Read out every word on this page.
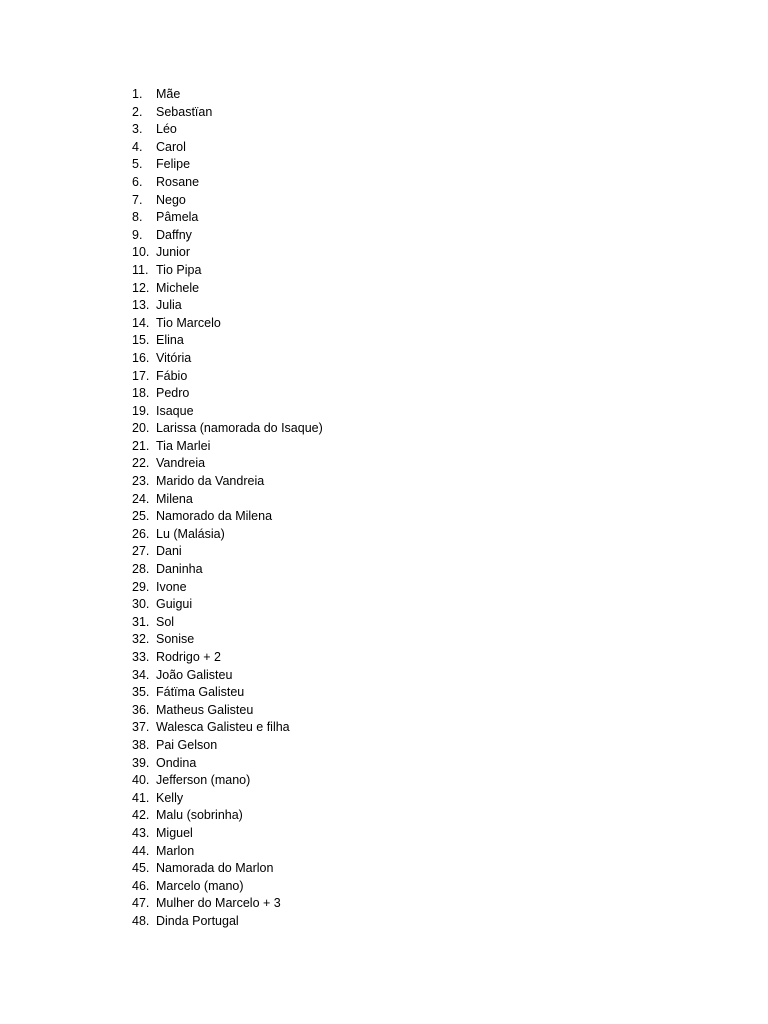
1.	Mãe
2.	Sebastïan
3.	Léo
4.	Carol
5.	Felipe
6.	Rosane
7.	Nego
8.	Pâmela
9.	Daffny
10. Junior
11. Tio Pipa
12. Michele
13. Julia
14. Tio Marcelo
15. Elina
16. Vitória
17. Fábio
18. Pedro
19. Isaque
20. Larissa (namorada do Isaque)
21. Tia Marlei
22. Vandreia
23. Marido da Vandreia
24. Milena
25. Namorado da Milena
26. Lu (Malásia)
27. Dani
28. Daninha
29. Ivone
30. Guigui
31. Sol
32. Sonise
33. Rodrigo + 2
34. João Galisteu
35. Fátïma Galisteu
36. Matheus Galisteu
37. Walesca Galisteu e filha
38. Pai Gelson
39. Ondina
40. Jefferson (mano)
41. Kelly
42. Malu (sobrinha)
43. Miguel
44. Marlon
45. Namorada do Marlon
46. Marcelo (mano)
47. Mulher do Marcelo + 3
48. Dinda Portugal
